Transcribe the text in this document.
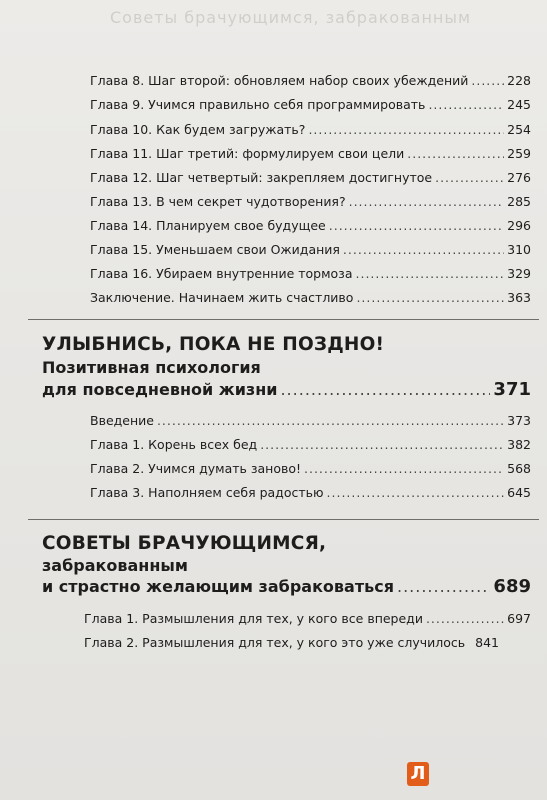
Советы брачующимся, забракованным
Глава 8. Шаг второй: обновляем набор своих убеждений .....	228
Глава 9. Учимся правильно себя программировать .....	245
Глава 10. Как будем загружать? .....	254
Глава 11. Шаг третий: формулируем свои цели .....	259
Глава 12. Шаг четвертый: закрепляем достигнутое .....	276
Глава 13. В чем секрет чудотворения? .....	285
Глава 14. Планируем свое будущее .....	296
Глава 15. Уменьшаем свои Ожидания .....	310
Глава 16. Убираем внутренние тормоза .....	329
Заключение. Начинаем жить счастливо .....	363
УЛЫБНИСЬ, ПОКА НЕ ПОЗДНО!
Позитивная психология
для повседневной жизни .....	371
Введение .....	373
Глава 1. Корень всех бед .....	382
Глава 2. Учимся думать заново! .....	568
Глава 3. Наполняем себя радостью .....	645
СОВЕТЫ БРАЧУЮЩИМСЯ,
забракованным
и страстно желающим забраковаться .....	689
Глава 1. Размышления для тех, у кого все впереди .....	697
Глава 2. Размышления для тех, у кого это уже случилось 841
Л
